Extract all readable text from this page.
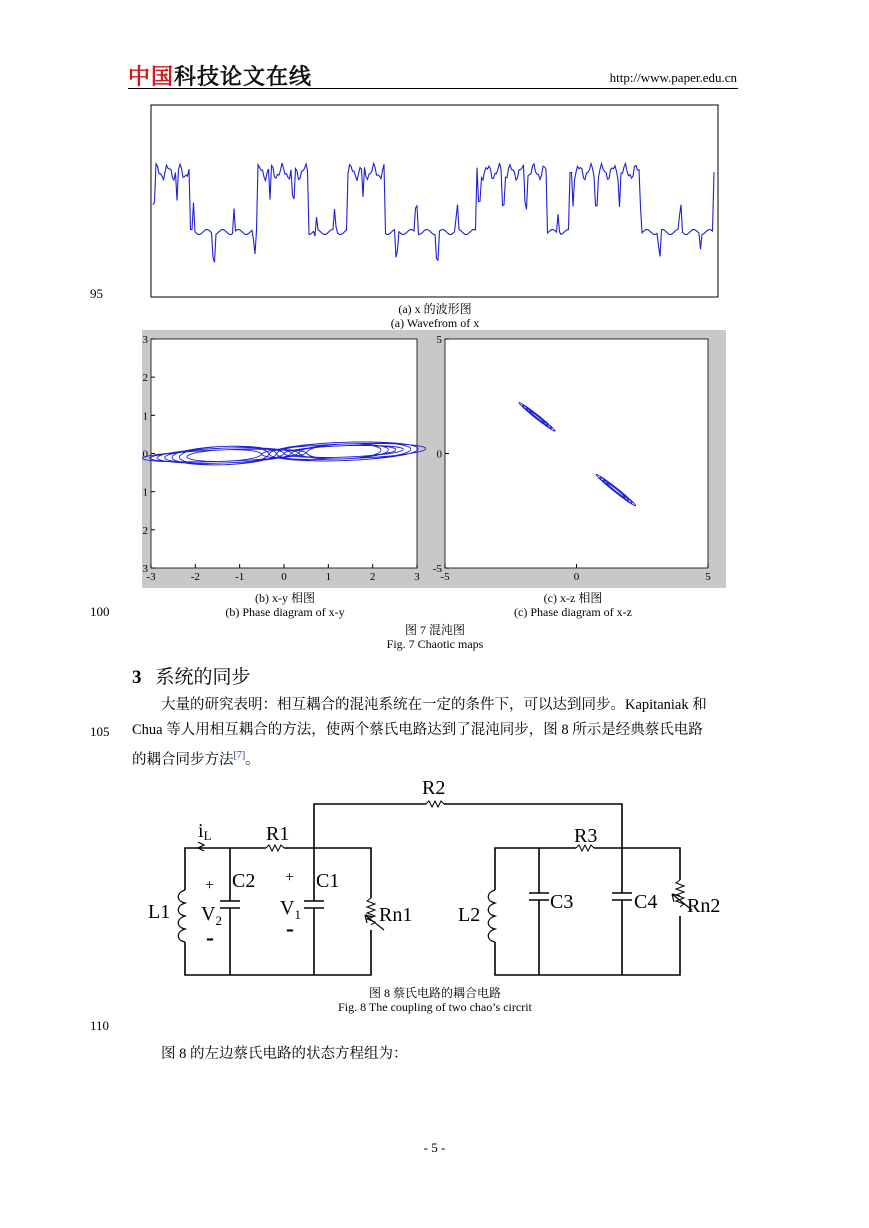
中国科技论文在线	http://www.paper.edu.cn
95
100
105
110
(a) x 的波形图
(a) Wavefrom of x
-3	-2	-1	0	1	2	3
3
2
1
0
1
2
3
-5	0	5
5
0
-5
(b) x-y 相图
(b) Phase diagram of x-y
(c) x-z 相图
(c) Phase diagram of x-z
图 7 混沌图
Fig. 7 Chaotic maps
3 系统的同步
大量的研究表明：相互耦合的混沌系统在一定的条件下，可以达到同步。Kapitaniak 和
Chua 等人用相互耦合的方法，使两个蔡氏电路达到了混沌同步，图 8 所示是经典蔡氏电路
的耦合同步方法[7]。
R2
R1	R3
iL
C2	C1
C3	C4
L1	L2
$V_2$
$V_1$	Rn1	Rn2
+	+
-	-
图 8 蔡氏电路的耦合电路
Fig. 8 The coupling of two chao’s circrit
图 8 的左边蔡氏电路的状态方程组为：
- 5 -
